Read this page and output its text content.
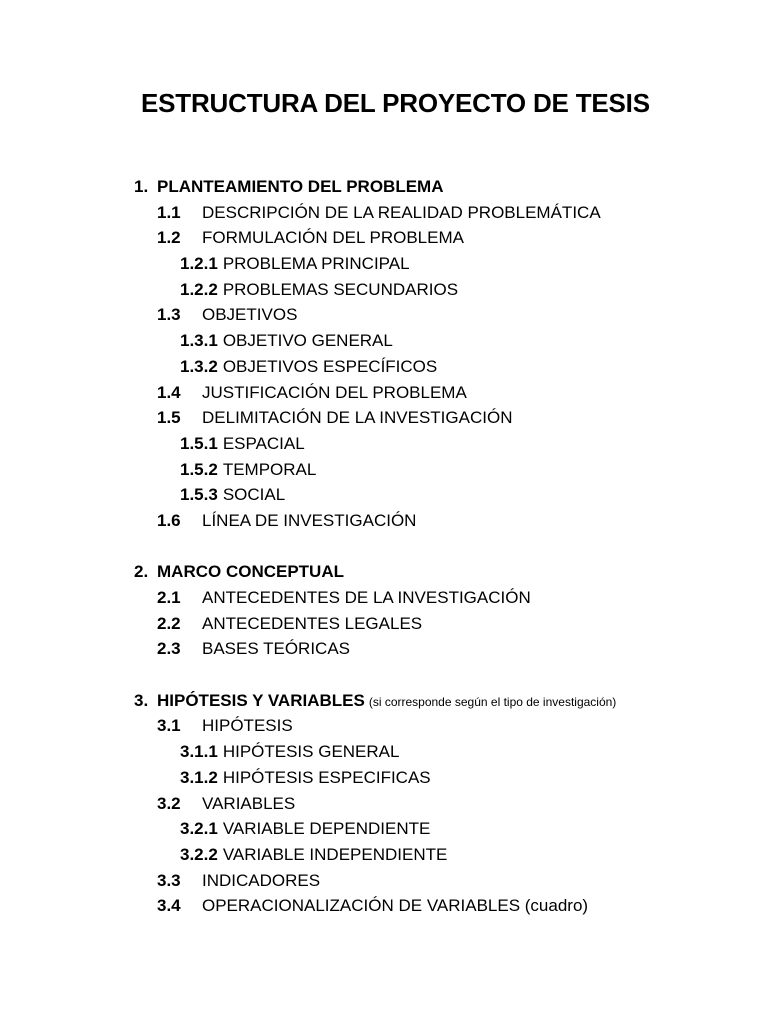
ESTRUCTURA DEL PROYECTO DE TESIS
1. PLANTEAMIENTO DEL PROBLEMA
1.1 DESCRIPCIÓN DE LA REALIDAD PROBLEMÁTICA
1.2 FORMULACIÓN DEL PROBLEMA
1.2.1 PROBLEMA PRINCIPAL
1.2.2 PROBLEMAS SECUNDARIOS
1.3 OBJETIVOS
1.3.1 OBJETIVO GENERAL
1.3.2 OBJETIVOS ESPECÍFICOS
1.4 JUSTIFICACIÓN DEL PROBLEMA
1.5 DELIMITACIÓN DE LA INVESTIGACIÓN
1.5.1 ESPACIAL
1.5.2 TEMPORAL
1.5.3 SOCIAL
1.6 LÍNEA DE INVESTIGACIÓN
2. MARCO CONCEPTUAL
2.1 ANTECEDENTES DE LA INVESTIGACIÓN
2.2 ANTECEDENTES LEGALES
2.3 BASES TEÓRICAS
3. HIPÓTESIS Y VARIABLES (si corresponde según el tipo de investigación)
3.1 HIPÓTESIS
3.1.1 HIPÓTESIS GENERAL
3.1.2 HIPÓTESIS ESPECIFICAS
3.2 VARIABLES
3.2.1 VARIABLE DEPENDIENTE
3.2.2 VARIABLE INDEPENDIENTE
3.3 INDICADORES
3.4 OPERACIONALIZACIÓN DE VARIABLES (cuadro)
